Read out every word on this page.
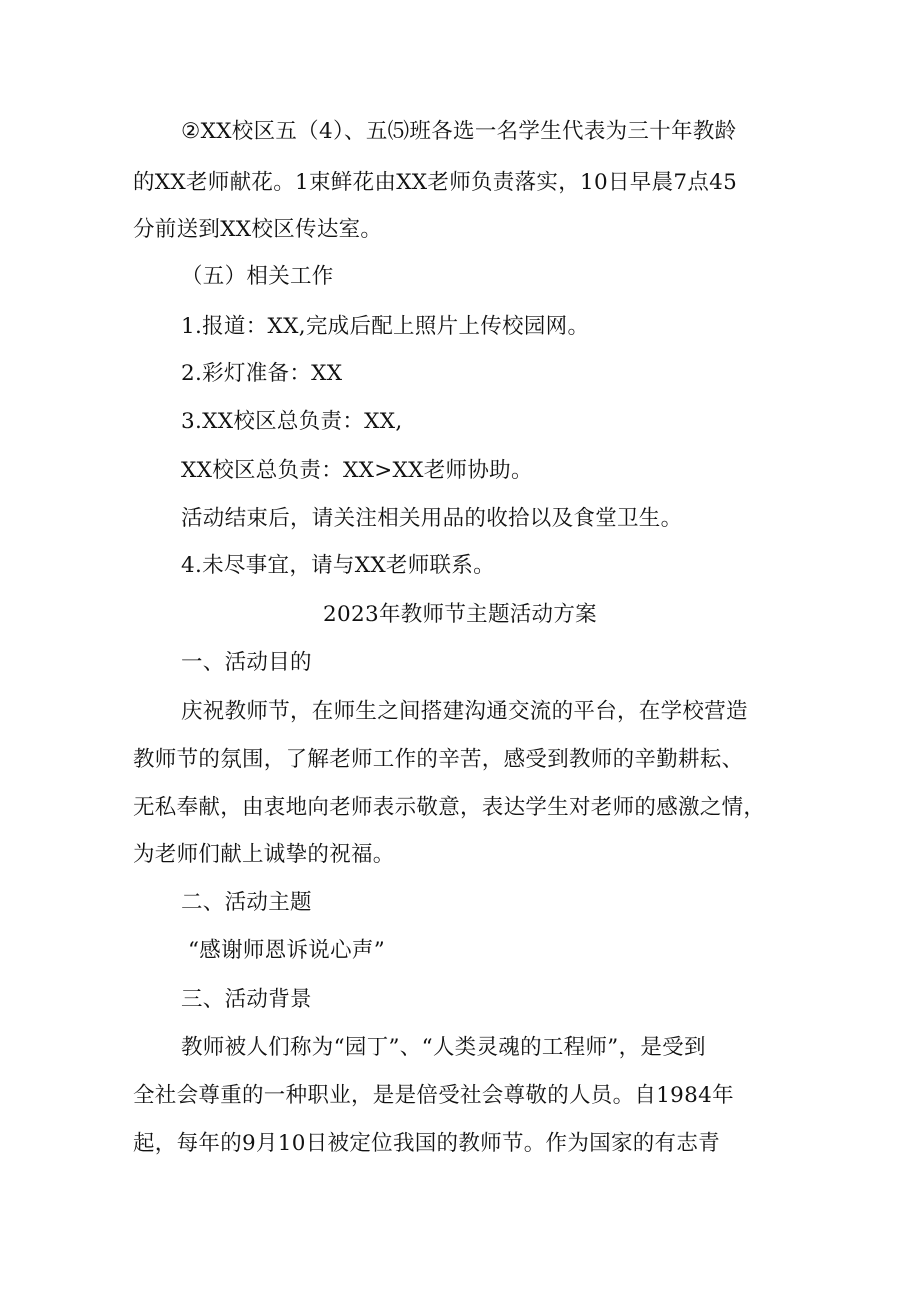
②XX校区五（4）、五⑸班各选一名学生代表为三十年教龄
的XX老师献花。1束鲜花由XX老师负责落实，10日早晨7点45
分前送到XX校区传达室。
（五）相关工作
1.报道：XX,完成后配上照片上传校园网。
2.彩灯准备：XX
3.XX校区总负责：XX,
XX校区总负责：XX>XX老师协助。
活动结束后，请关注相关用品的收拾以及食堂卫生。
4.未尽事宜，请与XX老师联系。
2023年教师节主题活动方案
一、活动目的
庆祝教师节，在师生之间搭建沟通交流的平台，在学校营造
教师节的氛围，了解老师工作的辛苦，感受到教师的辛勤耕耘、
无私奉献，由衷地向老师表示敬意，表达学生对老师的感激之情，
为老师们献上诚挚的祝福。
二、活动主题
“感谢师恩诉说心声”
三、活动背景
教师被人们称为“园丁”、“人类灵魂的工程师”，是受到
全社会尊重的一种职业，是是倍受社会尊敬的人员。自1984年
起，每年的9月10日被定位我国的教师节。作为国家的有志青
